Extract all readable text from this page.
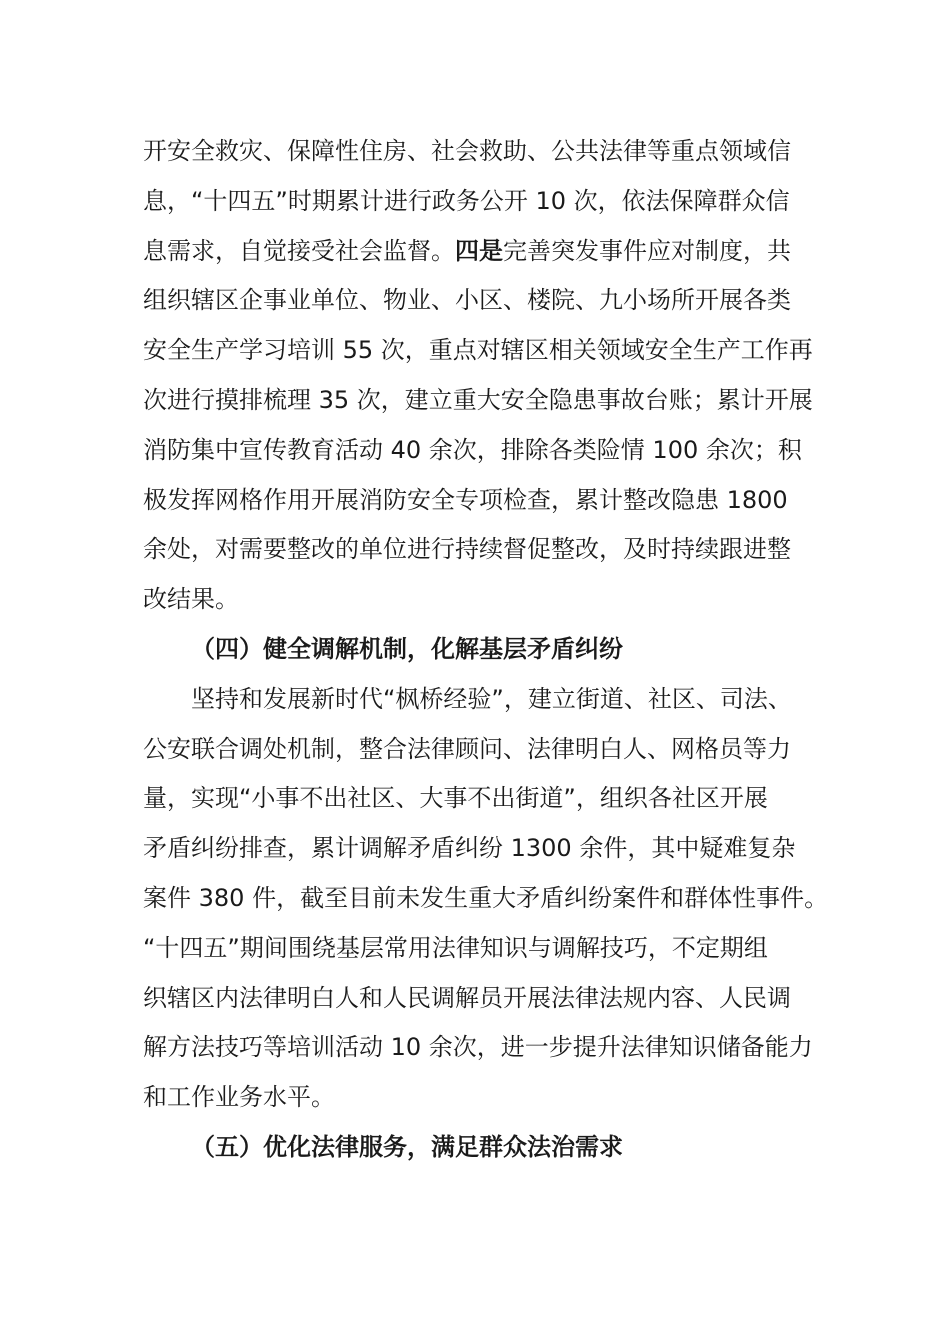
开安全救灾、保障性住房、社会救助、公共法律等重点领域信
息，“十四五”时期累计进行政务公开 10 次，依法保障群众信
息需求，自觉接受社会监督。四是完善突发事件应对制度，共
组织辖区企事业单位、物业、小区、楼院、九小场所开展各类
安全生产学习培训 55 次，重点对辖区相关领域安全生产工作再
次进行摸排梳理 35 次，建立重大安全隐患事故台账；累计开展
消防集中宣传教育活动 40 余次，排除各类险情 100 余次；积
极发挥网格作用开展消防安全专项检查，累计整改隐患 1800
余处，对需要整改的单位进行持续督促整改，及时持续跟进整
改结果。
（四）健全调解机制，化解基层矛盾纠纷
坚持和发展新时代“枫桥经验”，建立街道、社区、司法、
公安联合调处机制，整合法律顾问、法律明白人、网格员等力
量，实现“小事不出社区、大事不出街道”，组织各社区开展
矛盾纠纷排查，累计调解矛盾纠纷 1300 余件，其中疑难复杂
案件 380 件，截至目前未发生重大矛盾纠纷案件和群体性事件。
“十四五”期间围绕基层常用法律知识与调解技巧，不定期组
织辖区内法律明白人和人民调解员开展法律法规内容、人民调
解方法技巧等培训活动 10 余次，进一步提升法律知识储备能力
和工作业务水平。
（五）优化法律服务，满足群众法治需求
